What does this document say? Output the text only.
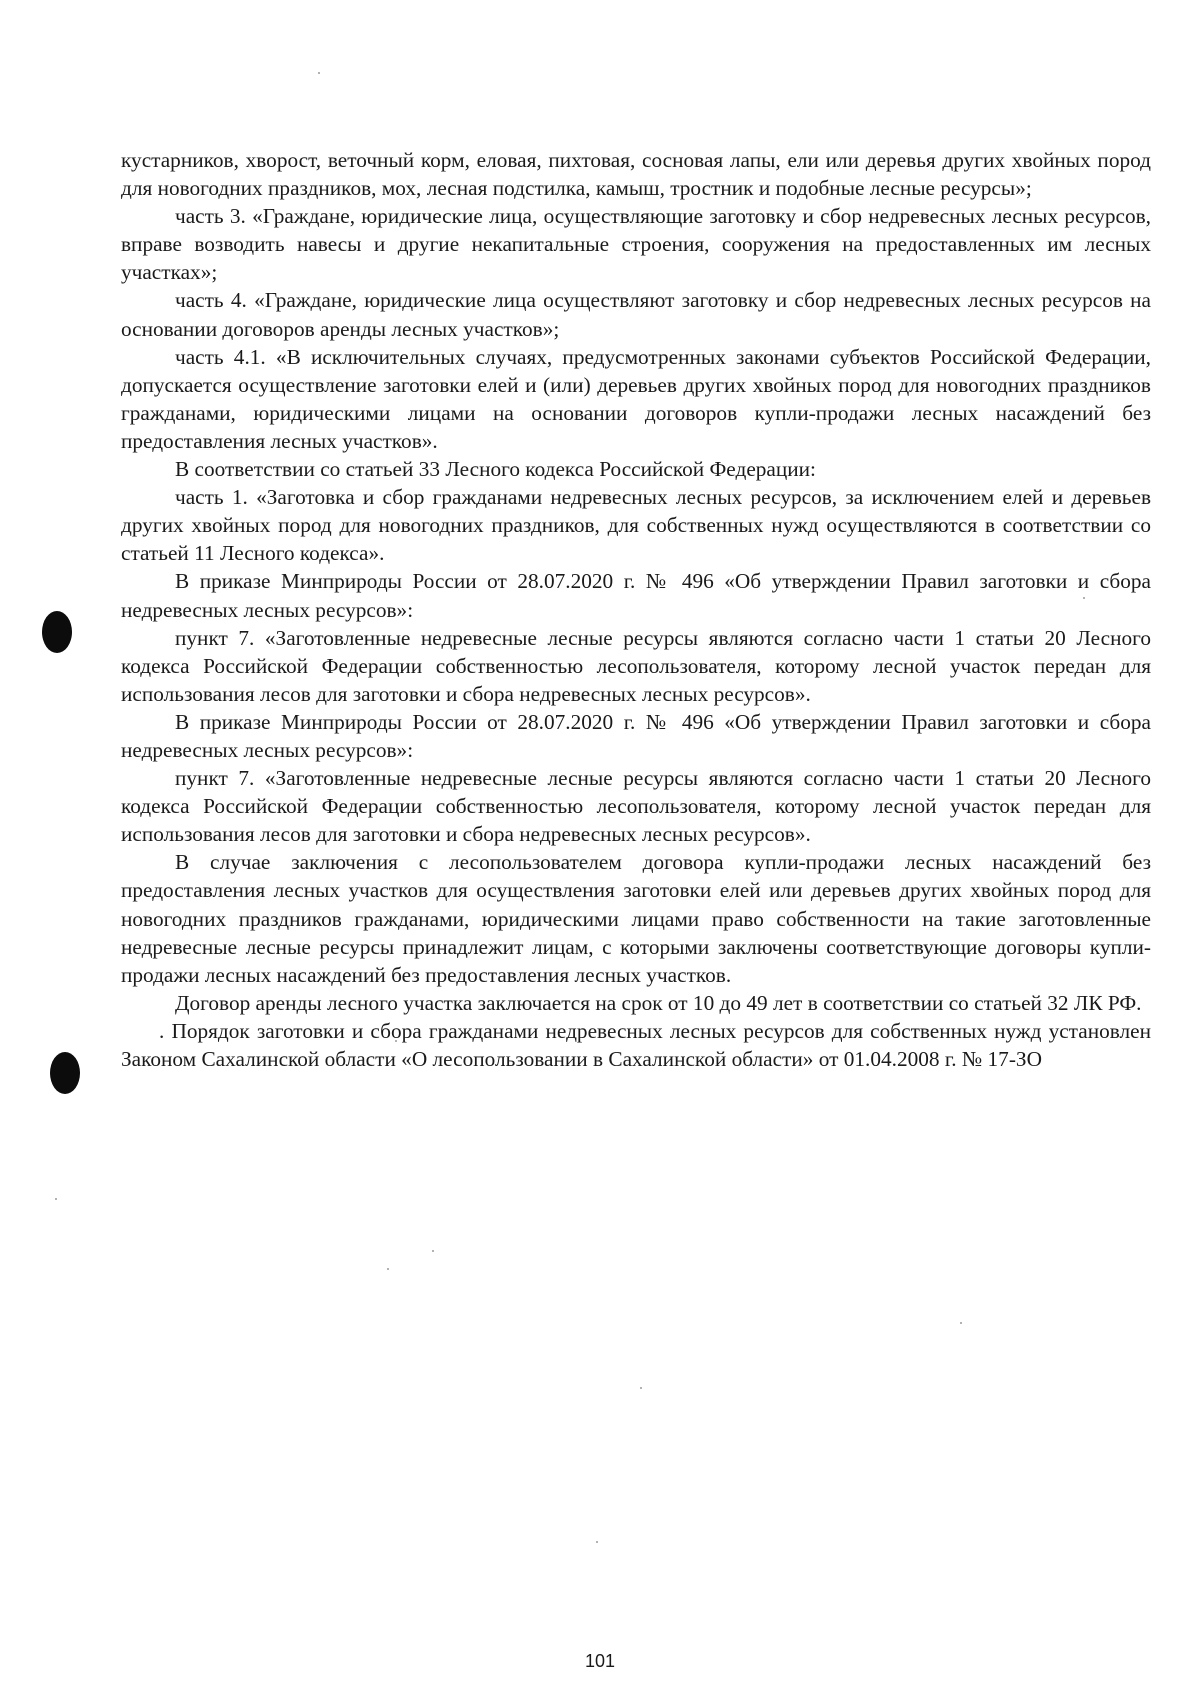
кустарников, хворост, веточный корм, еловая, пихтовая, сосновая лапы, ели или деревья других хвойных пород для новогодних праздников, мох, лесная подстилка, камыш, тростник и подобные лесные ресурсы»;

часть 3. «Граждане, юридические лица, осуществляющие заготовку и сбор недревесных лесных ресурсов, вправе возводить навесы и другие некапитальные строения, сооружения на предоставленных им лесных участках»;

часть 4. «Граждане, юридические лица осуществляют заготовку и сбор недревесных лесных ресурсов на основании договоров аренды лесных участков»;

часть 4.1. «В исключительных случаях, предусмотренных законами субъектов Российской Федерации, допускается осуществление заготовки елей и (или) деревьев других хвойных пород для новогодних праздников гражданами, юридическими лицами на основании договоров купли-продажи лесных насаждений без предоставления лесных участков».

В соответствии со статьей 33 Лесного кодекса Российской Федерации:

часть 1. «Заготовка и сбор гражданами недревесных лесных ресурсов, за исключением елей и деревьев других хвойных пород для новогодних праздников, для собственных нужд осуществляются в соответствии со статьей 11 Лесного кодекса».

В приказе Минприроды России от 28.07.2020 г. № 496 «Об утверждении Правил заготовки и сбора недревесных лесных ресурсов»:

пункт 7. «Заготовленные недревесные лесные ресурсы являются согласно части 1 статьи 20 Лесного кодекса Российской Федерации собственностью лесопользователя, которому лесной участок передан для использования лесов для заготовки и сбора недревесных лесных ресурсов».

В приказе Минприроды России от 28.07.2020 г. № 496 «Об утверждении Правил заготовки и сбора недревесных лесных ресурсов»:

пункт 7. «Заготовленные недревесные лесные ресурсы являются согласно части 1 статьи 20 Лесного кодекса Российской Федерации собственностью лесопользователя, которому лесной участок передан для использования лесов для заготовки и сбора недревесных лесных ресурсов».

В случае заключения с лесопользователем договора купли-продажи лесных насаждений без предоставления лесных участков для осуществления заготовки елей или деревьев других хвойных пород для новогодних праздников гражданами, юридическими лицами право собственности на такие заготовленные недревесные лесные ресурсы принадлежит лицам, с которыми заключены соответствующие договоры купли-продажи лесных насаждений без предоставления лесных участков.

Договор аренды лесного участка заключается на срок от 10 до 49 лет в соответствии со статьей 32 ЛК РФ.

. Порядок заготовки и сбора гражданами недревесных лесных ресурсов для собственных нужд установлен Законом Сахалинской области «О лесопользовании в Сахалинской области» от 01.04.2008 г. № 17-ЗО

101
